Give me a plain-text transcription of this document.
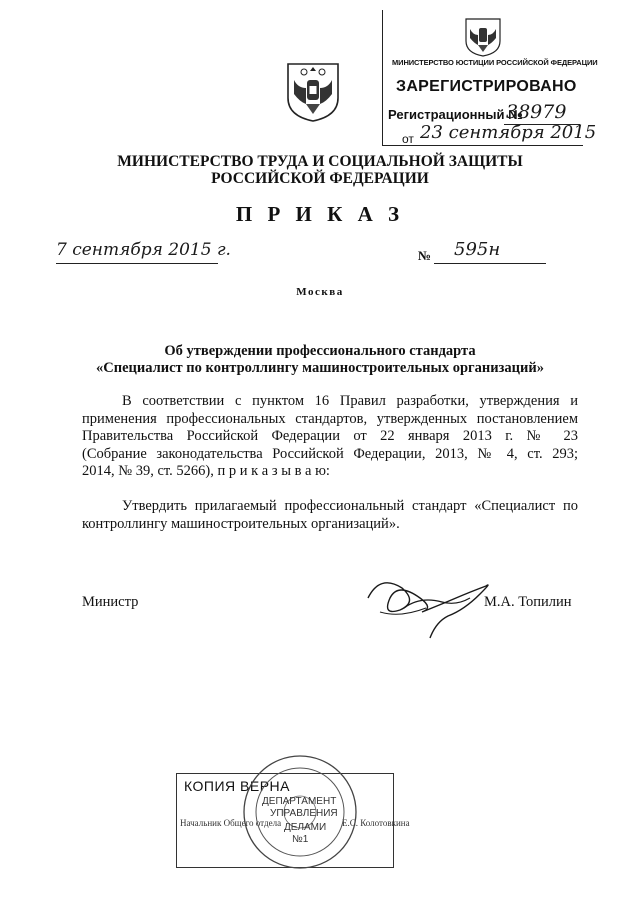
МИНИСТЕРСТВО ЮСТИЦИИ РОССИЙСКОЙ ФЕДЕРАЦИИ
ЗАРЕГИСТРИРОВАНО
Регистрационный №
38979
от 23 сентября 2015
МИНИСТЕРСТВО ТРУДА И СОЦИАЛЬНОЙ ЗАЩИТЫ
РОССИЙСКОЙ ФЕДЕРАЦИИ
П Р И К А З
7 сентября 2015 г.	№ 595н
Москва
Об утверждении профессионального стандарта
«Специалист по контроллингу машиностроительных организаций»
В соответствии с пунктом 16 Правил разработки, утверждения и
применения профессиональных стандартов, утвержденных постановлением
Правительства Российской Федерации от 22 января 2013 г. № 23
(Собрание законодательства Российской Федерации, 2013, № 4, ст. 293;
2014, № 39, ст. 5266), п р и к а з ы в а ю:
Утвердить прилагаемый профессиональный стандарт «Специалист по
контроллингу машиностроительных организаций».
Министр	М.А. Топилин
КОПИЯ ВЕРНА
Начальник Общего отдела	Е.С. Колотовкина
ДЕПАРТАМЕНТ
УПРАВЛЕНИЯ
ДЕЛАМИ
№1
